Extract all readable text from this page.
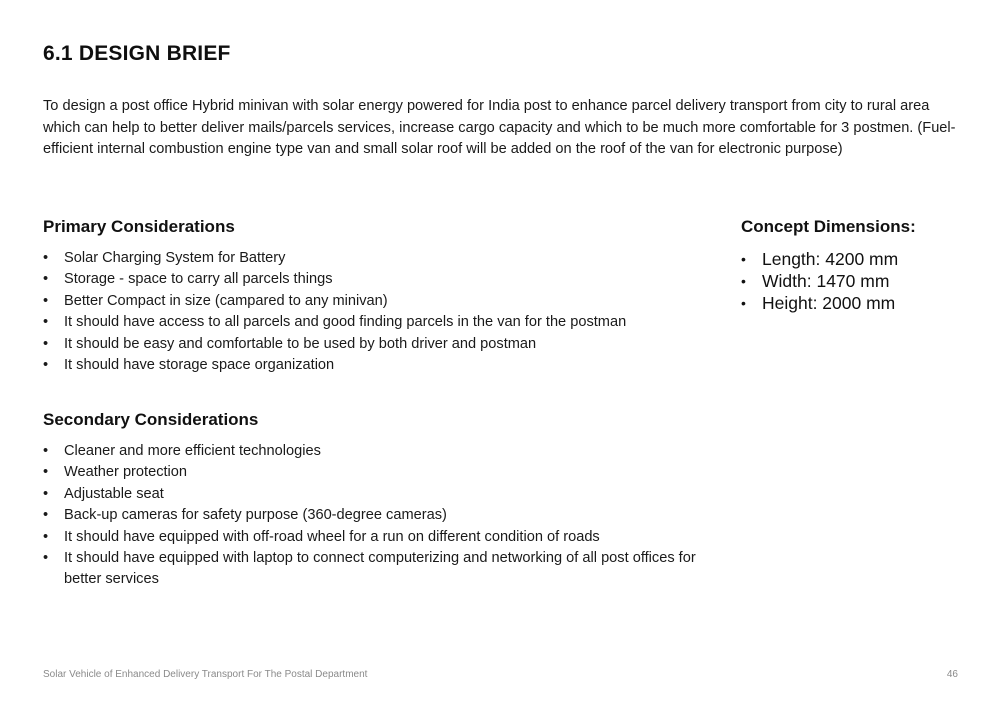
6.1 DESIGN BRIEF

To design a post office Hybrid minivan with solar energy powered for India post to enhance parcel delivery transport from city to rural area which can help to better deliver mails/parcels services, increase cargo capacity and which to be much more comfortable for 3 postmen. (Fuel-efficient internal combustion engine type van and small solar roof will be added on the roof of the van for electronic purpose)

Primary Considerations
•	Solar Charging System for Battery
•	Storage - space to carry all parcels things
•	Better Compact in size (campared to any minivan)
•	It should have access to all parcels and good finding parcels in the van for the postman
•	It should be easy and comfortable to be used by both driver and postman
•	It should have storage space organization
Secondary Considerations
•	Cleaner and more efficient technologies
•	Weather protection
•	Adjustable seat
•	Back-up cameras for safety purpose (360-degree cameras)
•	It should have equipped with off-road wheel for a run on different condition of roads
•	It should have equipped with laptop to connect computerizing and networking of all post offices for better services
Concept Dimensions:
• Length: 4200 mm
• Width: 1470 mm
• Height: 2000 mm
Solar Vehicle of Enhanced Delivery Transport For The Postal Department	46
